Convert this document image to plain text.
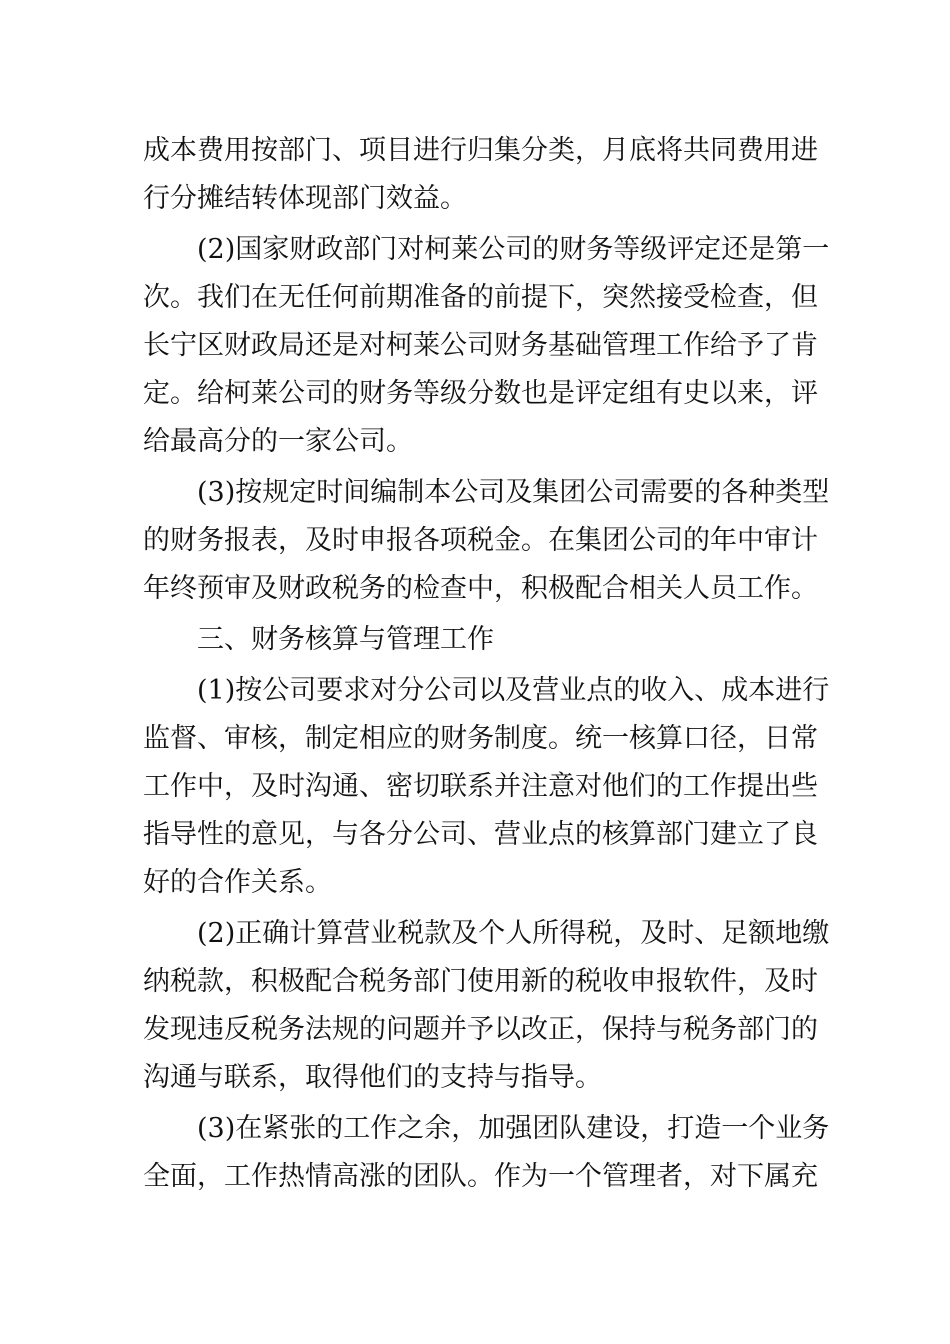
成本费用按部门、项目进行归集分类，月底将共同费用进
行分摊结转体现部门效益。
(2)国家财政部门对柯莱公司的财务等级评定还是第一
次。我们在无任何前期准备的前提下，突然接受检查，但
长宁区财政局还是对柯莱公司财务基础管理工作给予了肯
定。给柯莱公司的财务等级分数也是评定组有史以来，评
给最高分的一家公司。
(3)按规定时间编制本公司及集团公司需要的各种类型
的财务报表，及时申报各项税金。在集团公司的年中审计
年终预审及财政税务的检查中，积极配合相关人员工作。
三、财务核算与管理工作
(1)按公司要求对分公司以及营业点的收入、成本进行
监督、审核，制定相应的财务制度。统一核算口径，日常
工作中，及时沟通、密切联系并注意对他们的工作提出些
指导性的意见，与各分公司、营业点的核算部门建立了良
好的合作关系。
(2)正确计算营业税款及个人所得税，及时、足额地缴
纳税款，积极配合税务部门使用新的税收申报软件，及时
发现违反税务法规的问题并予以改正，保持与税务部门的
沟通与联系，取得他们的支持与指导。
(3)在紧张的工作之余，加强团队建设，打造一个业务
全面，工作热情高涨的团队。作为一个管理者，对下属充
